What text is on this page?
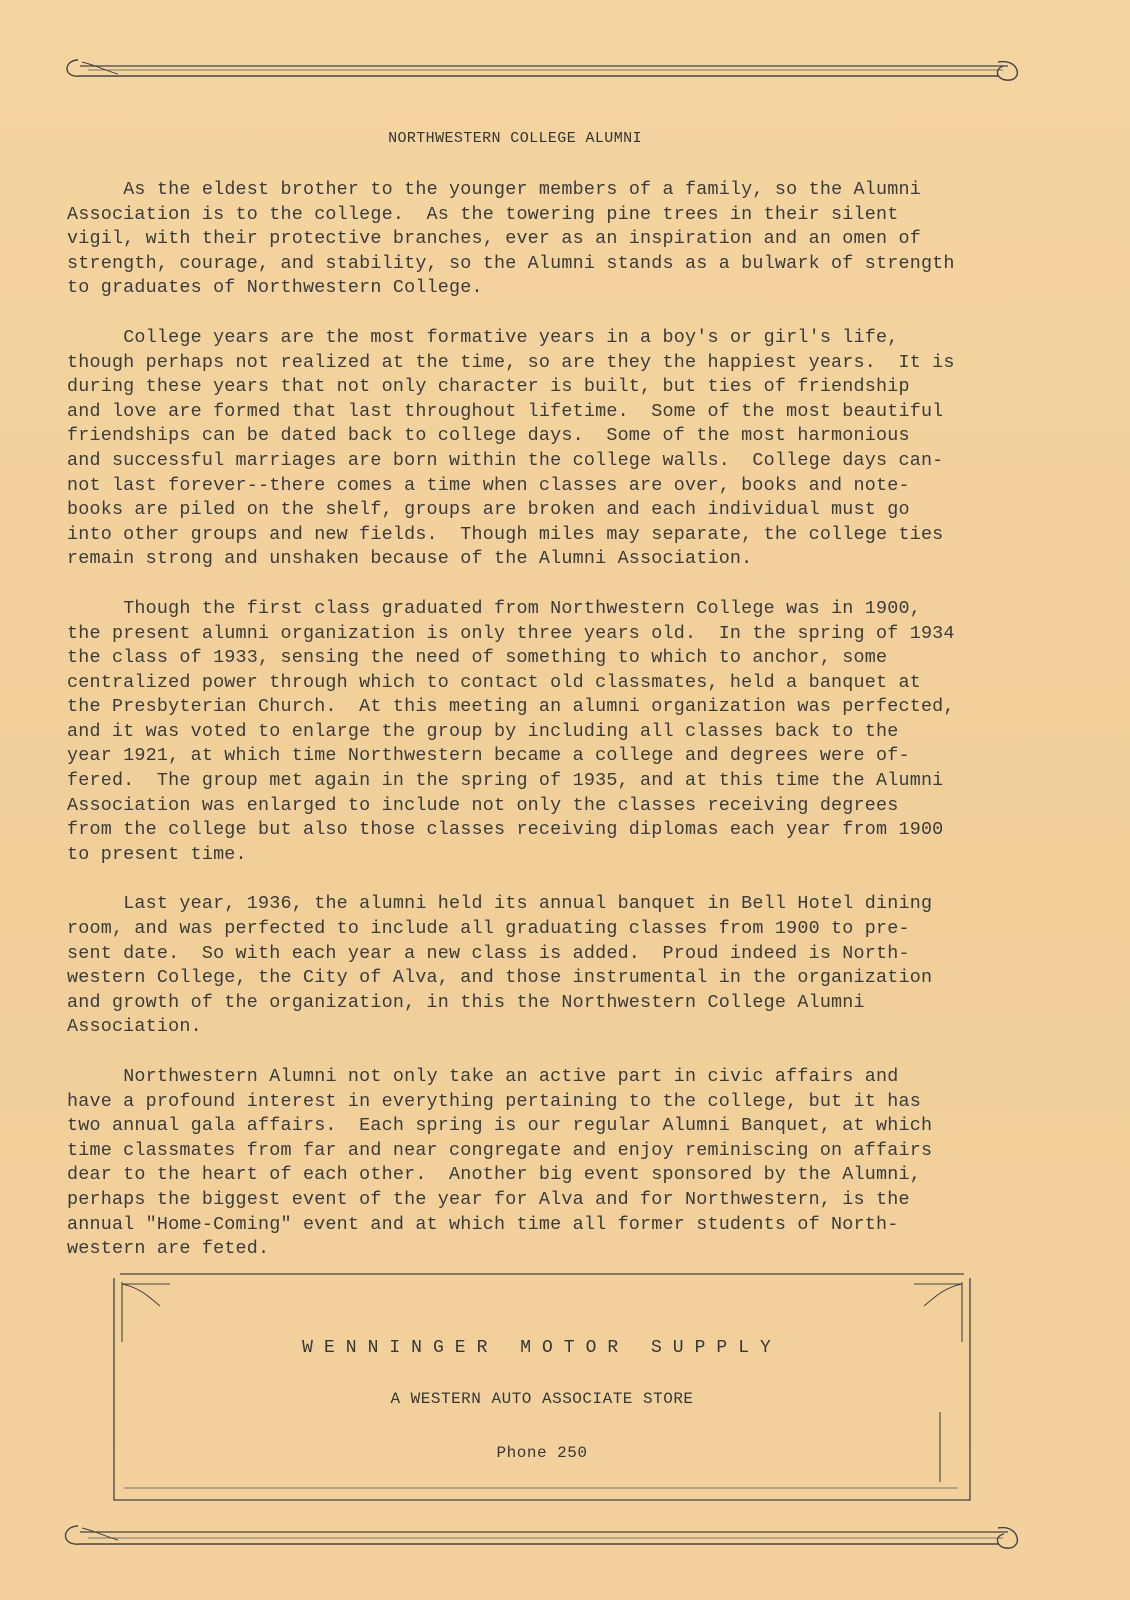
NORTHWESTERN COLLEGE ALUMNI

As the eldest brother to the younger members of a family, so the Alumni
Association is to the college.  As the towering pine trees in their silent
vigil, with their protective branches, ever as an inspiration and an omen of
strength, courage, and stability, so the Alumni stands as a bulwark of strength
to graduates of Northwestern College.

College years are the most formative years in a boy's or girl's life,
though perhaps not realized at the time, so are they the happiest years.  It is
during these years that not only character is built, but ties of friendship
and love are formed that last throughout lifetime.  Some of the most beautiful
friendships can be dated back to college days.  Some of the most harmonious
and successful marriages are born within the college walls.  College days can-
not last forever--there comes a time when classes are over, books and note-
books are piled on the shelf, groups are broken and each individual must go
into other groups and new fields.  Though miles may separate, the college ties
remain strong and unshaken because of the Alumni Association.

Though the first class graduated from Northwestern College was in 1900,
the present alumni organization is only three years old.  In the spring of 1934
the class of 1933, sensing the need of something to which to anchor, some
centralized power through which to contact old classmates, held a banquet at
the Presbyterian Church.  At this meeting an alumni organization was perfected,
and it was voted to enlarge the group by including all classes back to the
year 1921, at which time Northwestern became a college and degrees were of-
fered.  The group met again in the spring of 1935, and at this time the Alumni
Association was enlarged to include not only the classes receiving degrees
from the college but also those classes receiving diplomas each year from 1900
to present time.

Last year, 1936, the alumni held its annual banquet in Bell Hotel dining
room, and was perfected to include all graduating classes from 1900 to pre-
sent date.  So with each year a new class is added.  Proud indeed is North-
western College, the City of Alva, and those instrumental in the organization
and growth of the organization, in this the Northwestern College Alumni
Association.

Northwestern Alumni not only take an active part in civic affairs and
have a profound interest in everything pertaining to the college, but it has
two annual gala affairs.  Each spring is our regular Alumni Banquet, at which
time classmates from far and near congregate and enjoy reminiscing on affairs
dear to the heart of each other.  Another big event sponsored by the Alumni,
perhaps the biggest event of the year for Alva and for Northwestern, is the
annual "Home-Coming" event and at which time all former students of North-
western are feted.

WENNINGER MOTOR SUPPLY
A WESTERN AUTO ASSOCIATE STORE
Phone 250
